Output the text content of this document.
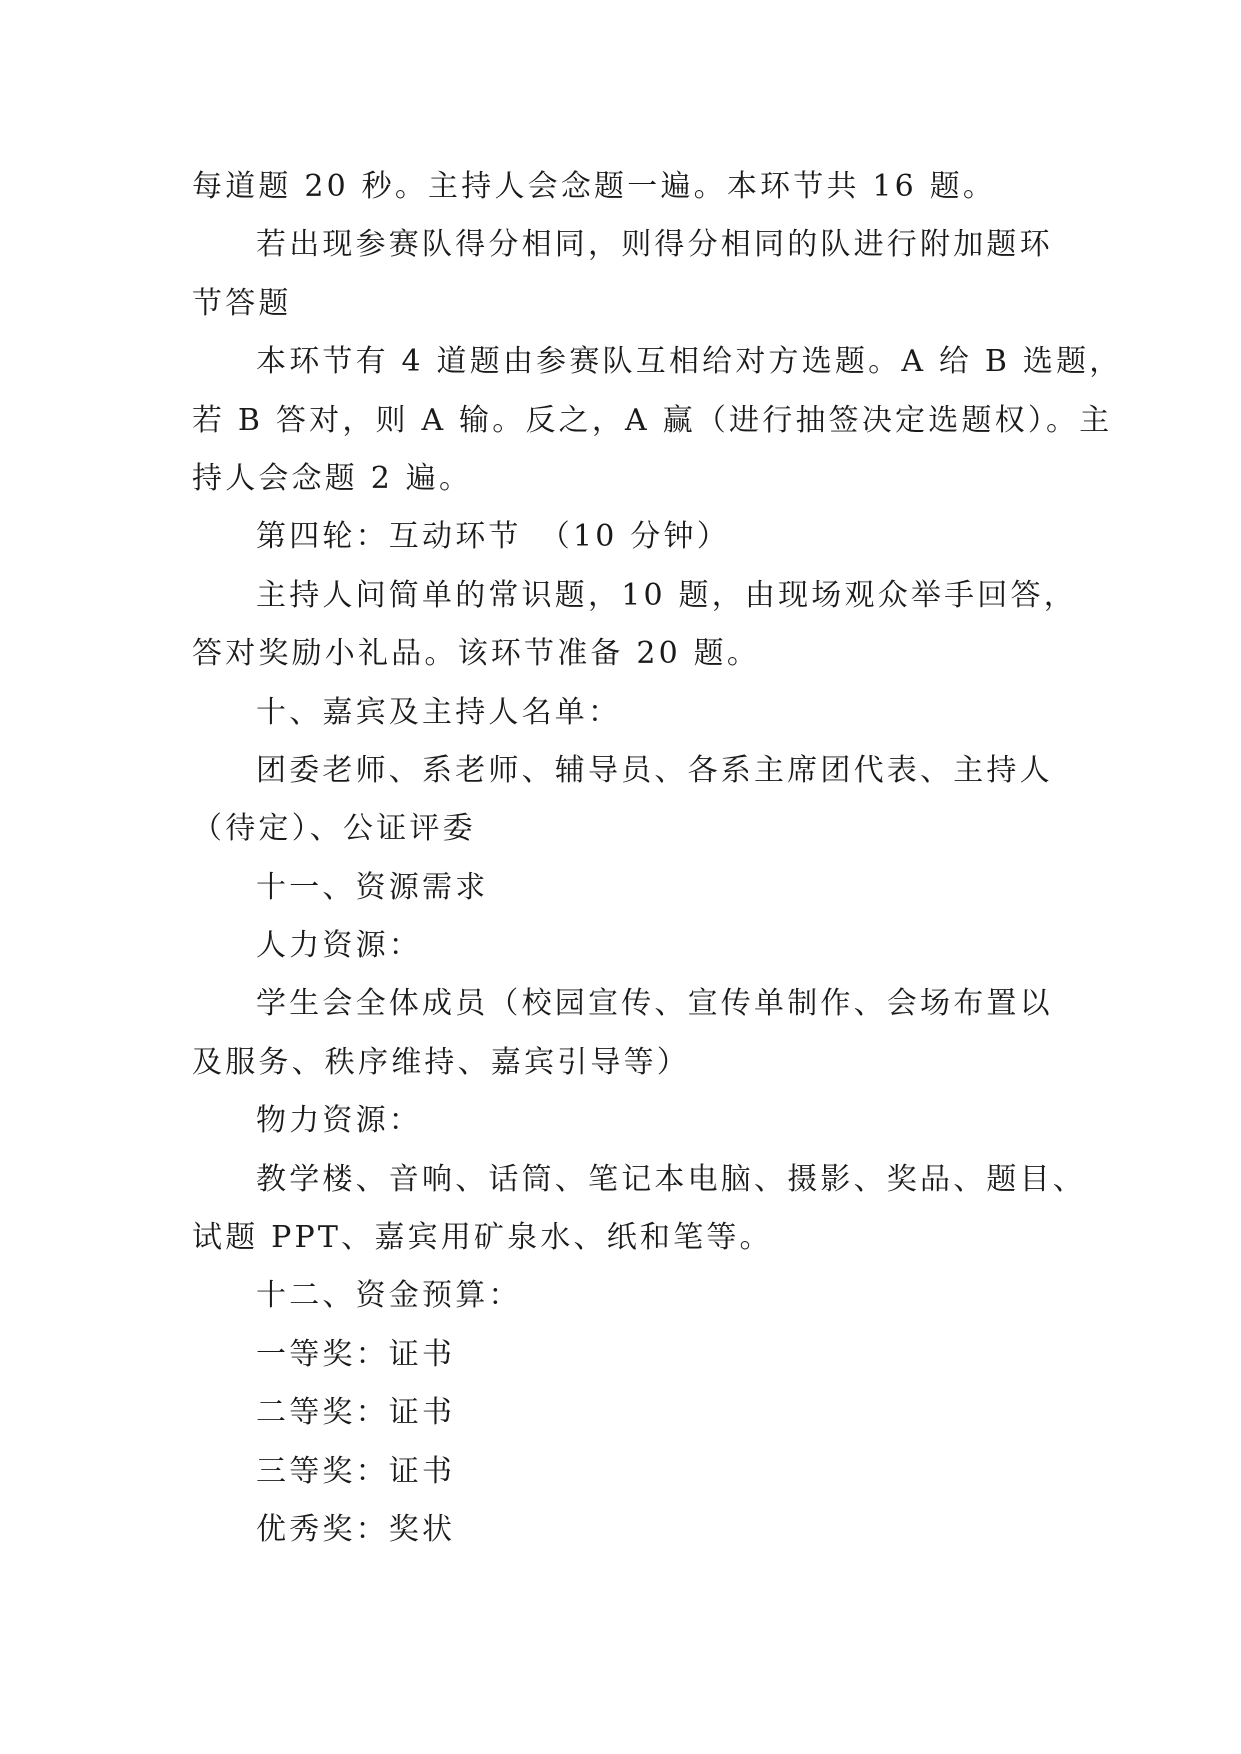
每道题 20 秒。主持人会念题一遍。本环节共 16 题。
若出现参赛队得分相同，则得分相同的队进行附加题环
节答题
本环节有 4 道题由参赛队互相给对方选题。A 给 B 选题，
若 B 答对，则 A 输。反之，A 赢（进行抽签决定选题权）。主
持人会念题 2 遍。
第四轮：互动环节　（10 分钟）
主持人问简单的常识题，10 题，由现场观众举手回答，
答对奖励小礼品。该环节准备 20 题。
十、嘉宾及主持人名单：
团委老师、系老师、辅导员、各系主席团代表、主持人
（待定）、公证评委
十一、资源需求
人力资源：
学生会全体成员（校园宣传、宣传单制作、会场布置以
及服务、秩序维持、嘉宾引导等）
物力资源：
教学楼、音响、话筒、笔记本电脑、摄影、奖品、题目、
试题 PPT、嘉宾用矿泉水、纸和笔等。
十二、资金预算：
一等奖：证书
二等奖：证书
三等奖：证书
优秀奖：奖状
